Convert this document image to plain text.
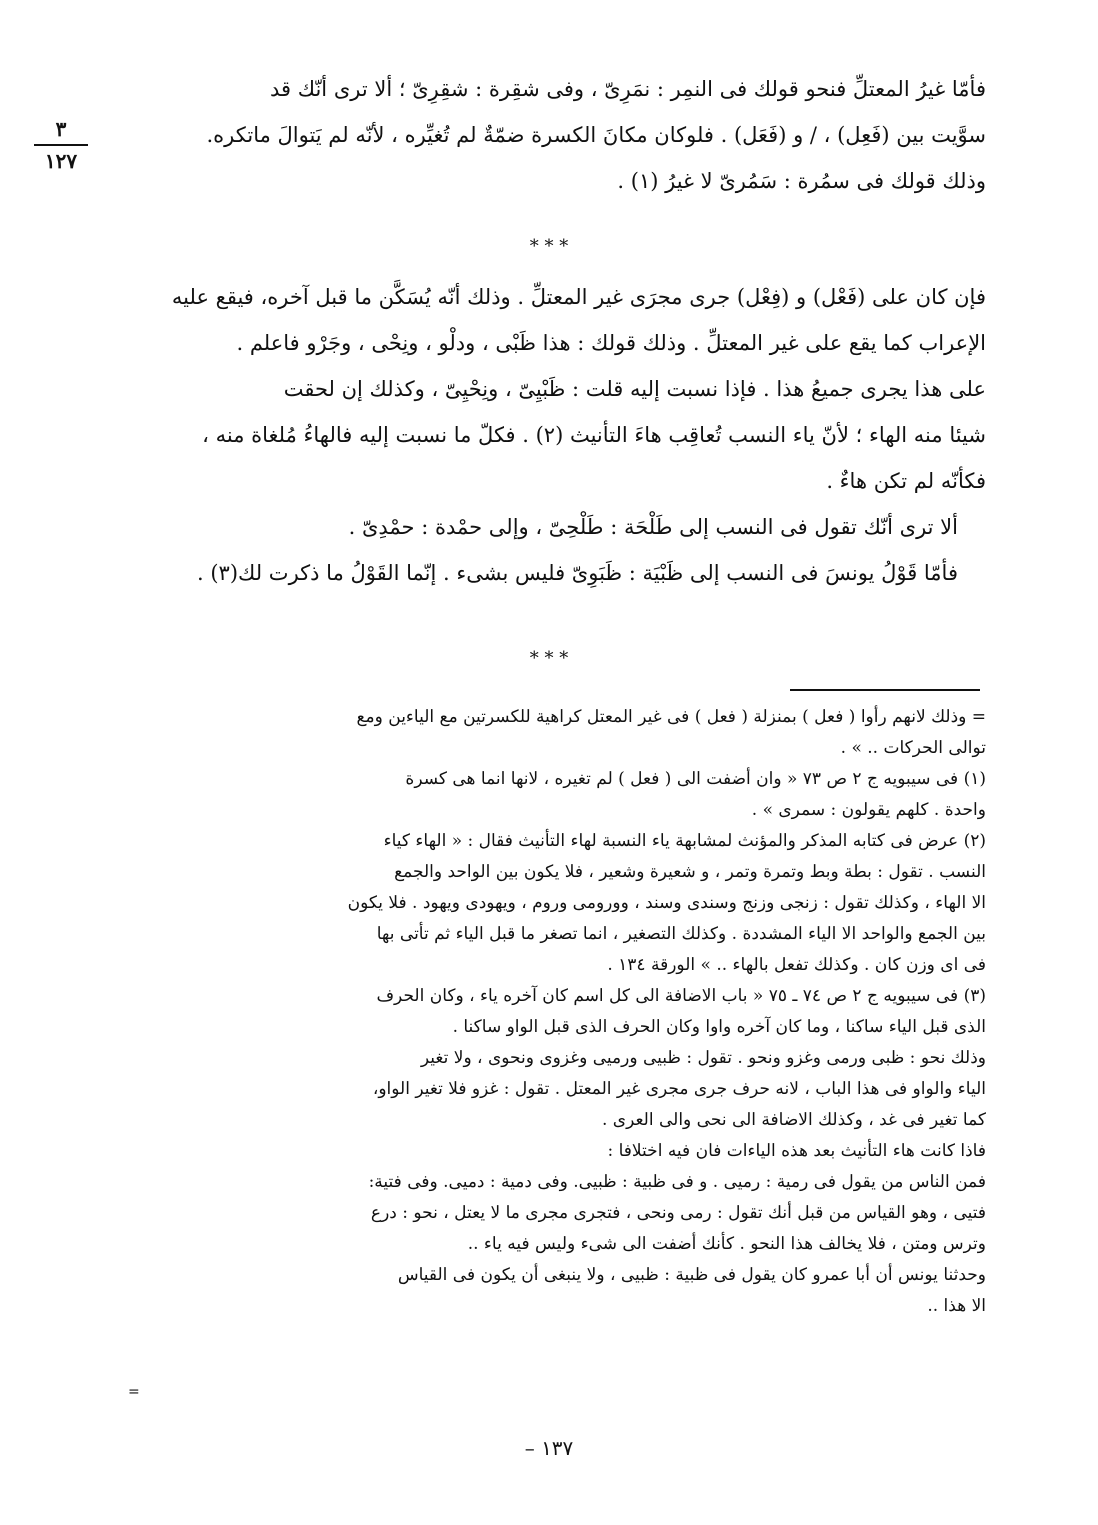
٣
١٢٧
فأمّا غيرُ المعتلِّ فنحو قولك فى النمِر : نمَرِىّ ، وفى شقِرة : شقِرِىّ ؛ ألا ترى أنّك قد
سوَّيت بين (فَعِل) ، / و (فَعَل) . فلوكان مكانَ الكسرة ضمّةٌ لم تُغيِّره ، لأنّه لم يَتوالَ ماتكره.
وذلك قولك فى سمُرة : سَمُرىّ لا غيرُ (١) .
* * *
فإن كان على (فَعْل) و (فِعْل) جرى مجرَى غير المعتلِّ . وذلك أنّه يُسَكَّن ما قبل آخره، فيقع عليه
الإعراب كما يقع على غير المعتلِّ . وذلك قولك : هذا ظَبْى ، ودلْو ، ونِحْى ، وجَرْو فاعلم .
على هذا يجرى جميعُ هذا . فإذا نسبت إليه قلت : ظَبْيِىّ ، ونِحْيِىّ ، وكذلك إن لحقت
شيئا منه الهاء ؛ لأنّ ياء النسب تُعاقِب هاءَ التأنيث (٢) . فكلّ ما نسبت إليه فالهاءُ مُلغاة منه ،
فكأنّه لم تكن هاءٌ .
ألا ترى أنّك تقول فى النسب إلى طَلْحَة : طَلْحِىّ ، وإلى حمْدة : حمْدِىّ .
فأمّا قَوْلُ يونسَ فى النسب إلى ظَبْيَة : ظَبَوِىّ فليس بشىء . إنّما القَوْلُ ما ذكرت لك(٣) .
* * *
= وذلك لانهم رأوا ( فعل ) بمنزلة ( فعل ) فى غير المعتل كراهية للكسرتين مع الياءين ومع
توالى الحركات .. » .
(١) فى سيبويه ج ٢ ص ٧٣ « وان أضفت الى ( فعل ) لم تغيره ، لانها انما هى كسرة
واحدة . كلهم يقولون : سمرى » .
(٢) عرض فى كتابه المذكر والمؤنث لمشابهة ياء النسبة لهاء التأنيث فقال : « الهاء كياء
النسب . تقول : بطة وبط وتمرة وتمر ، و شعيرة وشعير ، فلا يكون بين الواحد والجمع
الا الهاء ، وكذلك تقول : زنجى وزنج وسندى وسند ، وورومى وروم ، ويهودى ويهود . فلا يكون
بين الجمع والواحد الا الياء المشددة . وكذلك التصغير ، انما تصغر ما قبل الياء ثم تأتى بها
فى اى وزن كان . وكذلك تفعل بالهاء .. » الورقة ١٣٤ .
(٣) فى سيبويه ج ٢ ص ٧٤ ـ ٧٥ « باب الاضافة الى كل اسم كان آخره ياء ، وكان الحرف
الذى قبل الياء ساكنا ، وما كان آخره واوا وكان الحرف الذى قبل الواو ساكنا .
وذلك نحو : ظبى ورمى وغزو ونحو . تقول : ظبيى ورميى وغزوى ونحوى ، ولا تغير
الياء والواو فى هذا الباب ، لانه حرف جرى مجرى غير المعتل . تقول : غزو فلا تغير الواو،
كما تغير فى غد ، وكذلك الاضافة الى نحى والى العرى .
فاذا كانت هاء التأنيث بعد هذه الياءات فان فيه اختلافا :
فمن الناس من يقول فى رمية : رميى . و فى ظبية : ظبيى. وفى دمية : دميى. وفى فتية:
فتيى ، وهو القياس من قبل أنك تقول : رمى ونحى ، فتجرى مجرى ما لا يعتل ، نحو : درع
وترس ومتن ، فلا يخالف هذا النحو . كأنك أضفت الى شىء وليس فيه ياء ..
وحدثنا يونس أن أبا عمرو كان يقول فى ظبية : ظبيى ، ولا ينبغى أن يكون فى القياس
الا هذا ..
=
– ١٣٧
